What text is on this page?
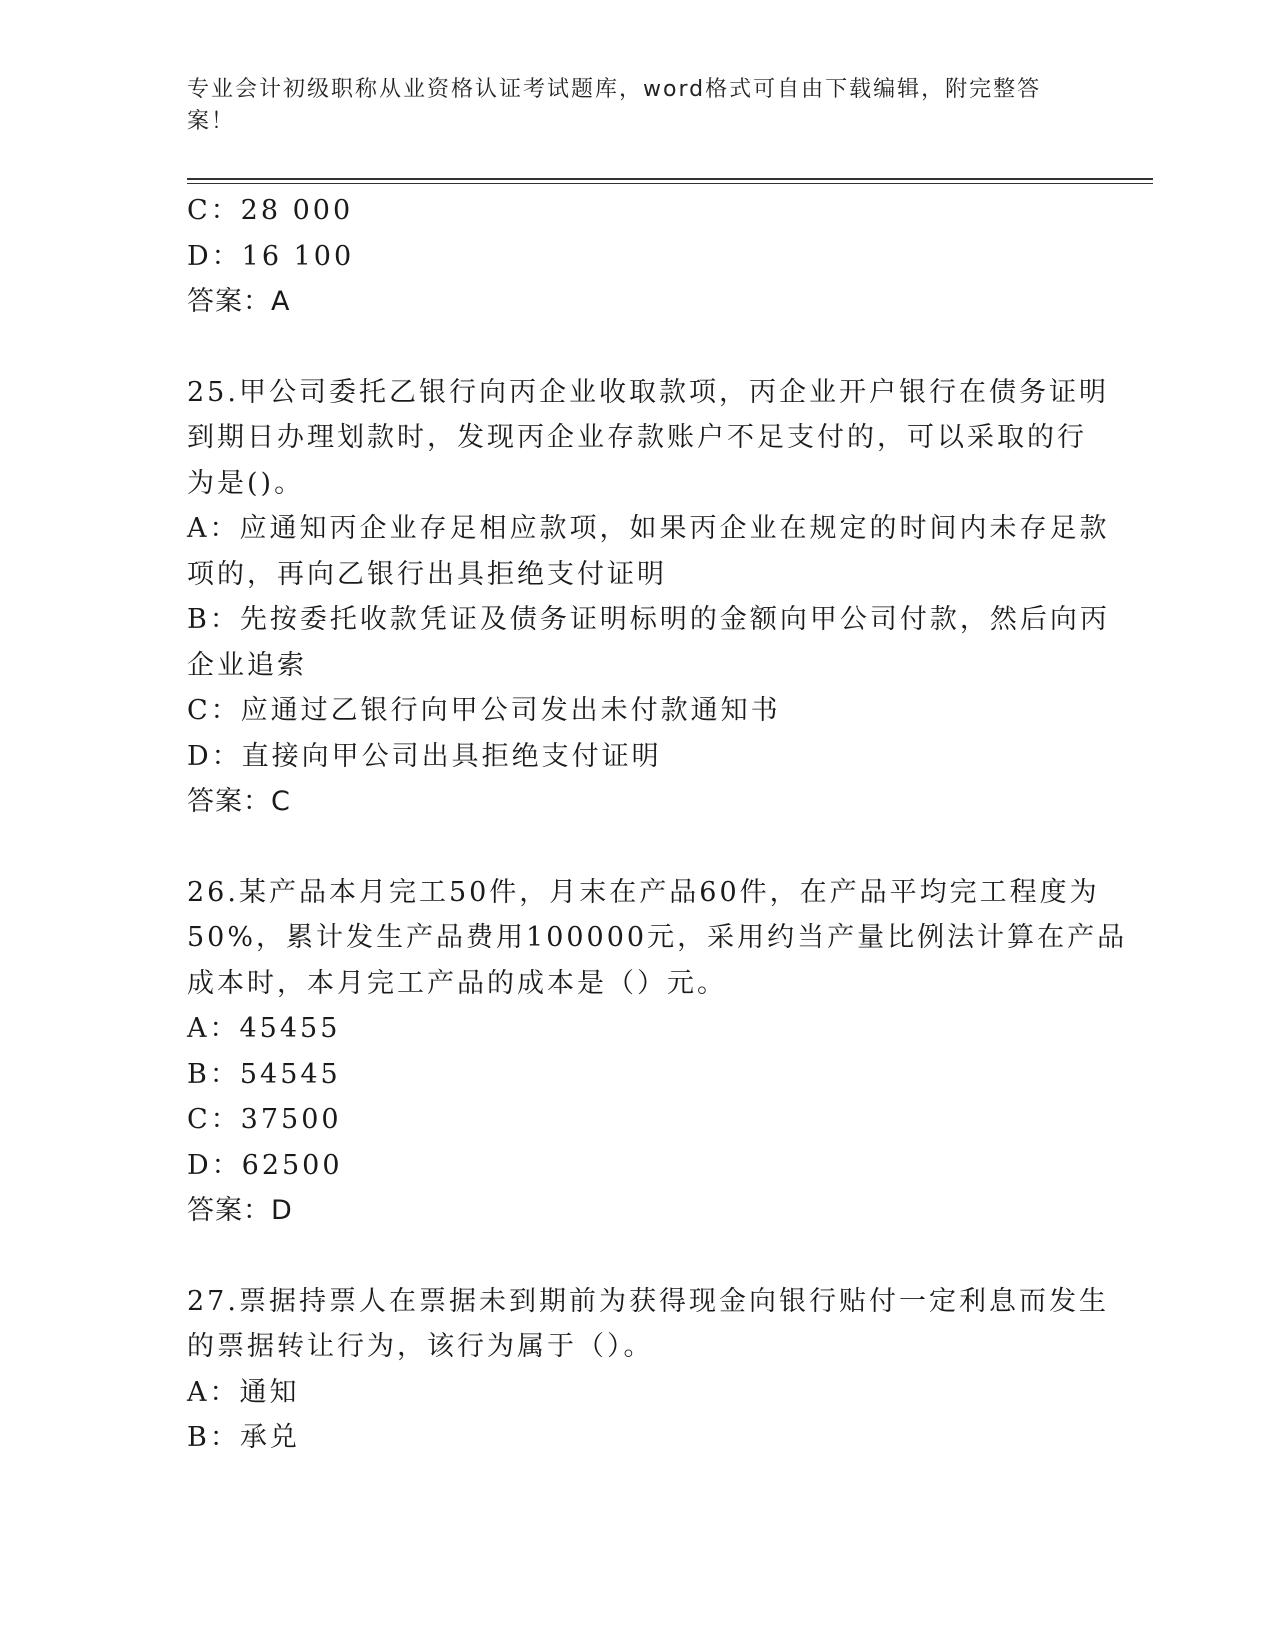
专业会计初级职称从业资格认证考试题库，word格式可自由下载编辑，附完整答
案！
C：28 000
D：16 100
答案：A
25.甲公司委托乙银行向丙企业收取款项，丙企业开户银行在债务证明
到期日办理划款时，发现丙企业存款账户不足支付的，可以采取的行
为是()。
A：应通知丙企业存足相应款项，如果丙企业在规定的时间内未存足款
项的，再向乙银行出具拒绝支付证明
B：先按委托收款凭证及债务证明标明的金额向甲公司付款，然后向丙
企业追索
C：应通过乙银行向甲公司发出未付款通知书
D：直接向甲公司出具拒绝支付证明
答案：C
26.某产品本月完工50件，月末在产品60件，在产品平均完工程度为
50%，累计发生产品费用100000元，采用约当产量比例法计算在产品
成本时，本月完工产品的成本是（）元。
A：45455
B：54545
C：37500
D：62500
答案：D
27.票据持票人在票据未到期前为获得现金向银行贴付一定利息而发生
的票据转让行为，该行为属于（）。
A：通知
B：承兑
